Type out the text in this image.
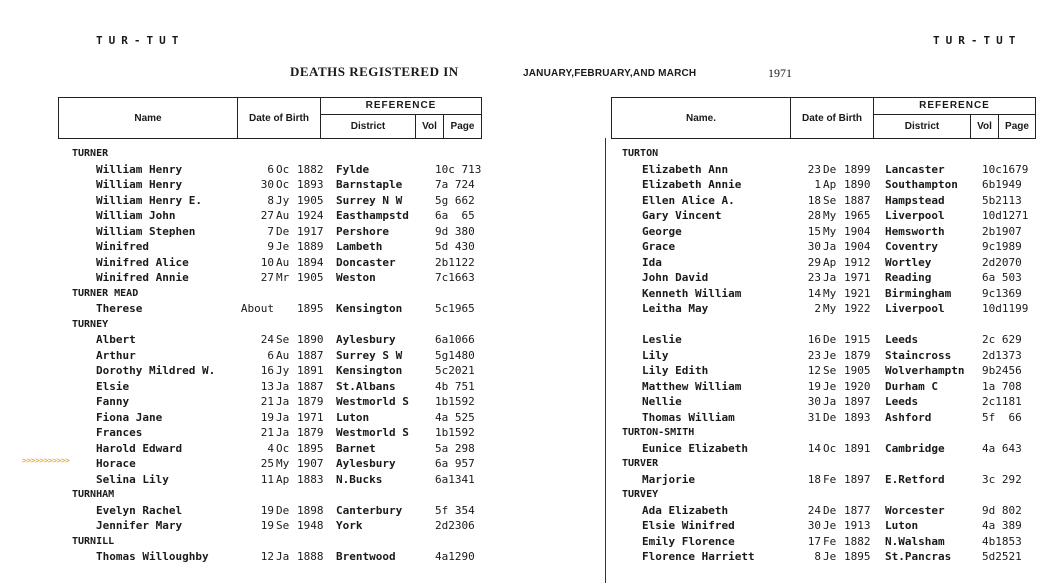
TUR-TUT	TUR-TUT
DEATHS REGISTERED IN	JANUARY,FEBRUARY,AND MARCH	1971
Name	Date of Birth
REFERENCE
District	Vol	Page
Name.	Date of Birth
REFERENCE
District	Vol	Page
>>>>>>>>>>>
TURNER
William Henry	6 Oc 1882 Fylde	10c 713
William Henry	30 Oc 1893 Barnstaple	7a 724
William Henry E.	8 Jy 1905 Surrey N W	5g 662
William John	27 Au 1924 Easthampstd 6a  65
William Stephen	7 De 1917 Pershore	9d 380
Winifred	9 Je 1889 Lambeth	5d 430
Winifred Alice	10 Au 1894 Doncaster	2b1122
Winifred Annie	27 Mr 1905 Weston	7c1663
TURNER MEAD
Therese	About 1895 Kensington	5c1965
TURNEY
Albert	24 Se 1890 Aylesbury	6a1066
Arthur	6 Au 1887 Surrey S W	5g1480
Dorothy Mildred W.	16 Jy 1891 Kensington	5c2021
Elsie	13 Ja 1887 St.Albans	4b 751
Fanny	21 Ja 1879 Westmorld S 1b1592
Fiona Jane	19 Ja 1971 Luton	4a 525
Frances	21 Ja 1879 Westmorld S 1b1592
Harold Edward	4 Oc 1895 Barnet	5a 298
Horace	25 My 1907 Aylesbury	6a 957
Selina Lily	11 Ap 1883 N.Bucks	6a1341
TURNHAM
Evelyn Rachel	19 De 1898 Canterbury	5f 354
Jennifer Mary	19 Se 1948 York	2d2306
TURNILL
Thomas Willoughby	12 Ja 1888 Brentwood	4a1290
TURTON
Elizabeth Ann	23 De 1899 Lancaster	10c1679
Elizabeth Annie	1 Ap 1890 Southampton 6b1949
Ellen Alice A.	18 Se 1887 Hampstead	5b2113
Gary Vincent	28 My 1965 Liverpool	10d1271
George	15 My 1904 Hemsworth	2b1907
Grace	30 Ja 1904 Coventry	9c1989
Ida	29 Ap 1912 Wortley	2d2070
John David	23 Ja 1971 Reading	6a 503
Kenneth William	14 My 1921 Birmingham	9c1369
Leitha May	2 My 1922 Liverpool	10d1199
Leslie	16 De 1915 Leeds	2c 629
Lily	23 Je 1879 Staincross	2d1373
Lily Edith	12 Se 1905 Wolverhamptn 9b2456
Matthew William	19 Je 1920 Durham C	1a 708
Nellie	30 Ja 1897 Leeds	2c1181
Thomas William	31 De 1893 Ashford	5f  66
TURTON-SMITH
Eunice Elizabeth	14 Oc 1891 Cambridge	4a 643
TURVER
Marjorie	18 Fe 1897 E.Retford	3c 292
TURVEY
Ada Elizabeth	24 De 1877 Worcester	9d 802
Elsie Winifred	30 Je 1913 Luton	4a 389
Emily Florence	17 Fe 1882 N.Walsham	4b1853
Florence Harriett	8 Je 1895 St.Pancras	5d2521
